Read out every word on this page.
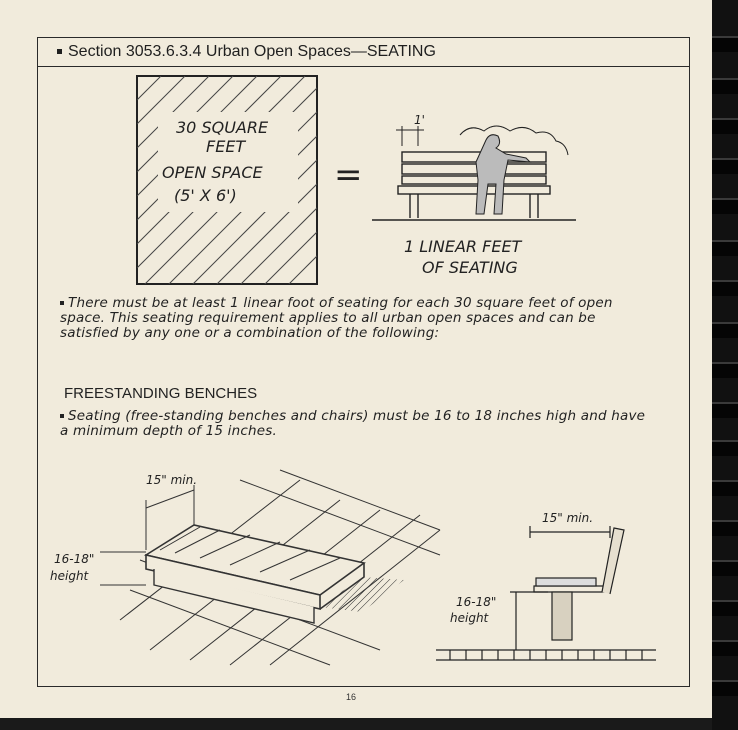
Section 3053.6.3.4 Urban Open Spaces—SEATING
30 SQUARE
FEET
OPEN SPACE
(5' X 6')
=
1'
1 LINEAR FEET
OF SEATING
15" min.
16-18"
height
15" min.
16-18"
height
There must be at least 1 linear foot of seating for each 30 square feet of open space. This seating requirement applies to all urban open spaces and can be satisfied by any one or a combination of the following:
FREESTANDING BENCHES
Seating (free-standing benches and chairs) must be 16 to 18 inches high and have a minimum depth of 15 inches.
16
